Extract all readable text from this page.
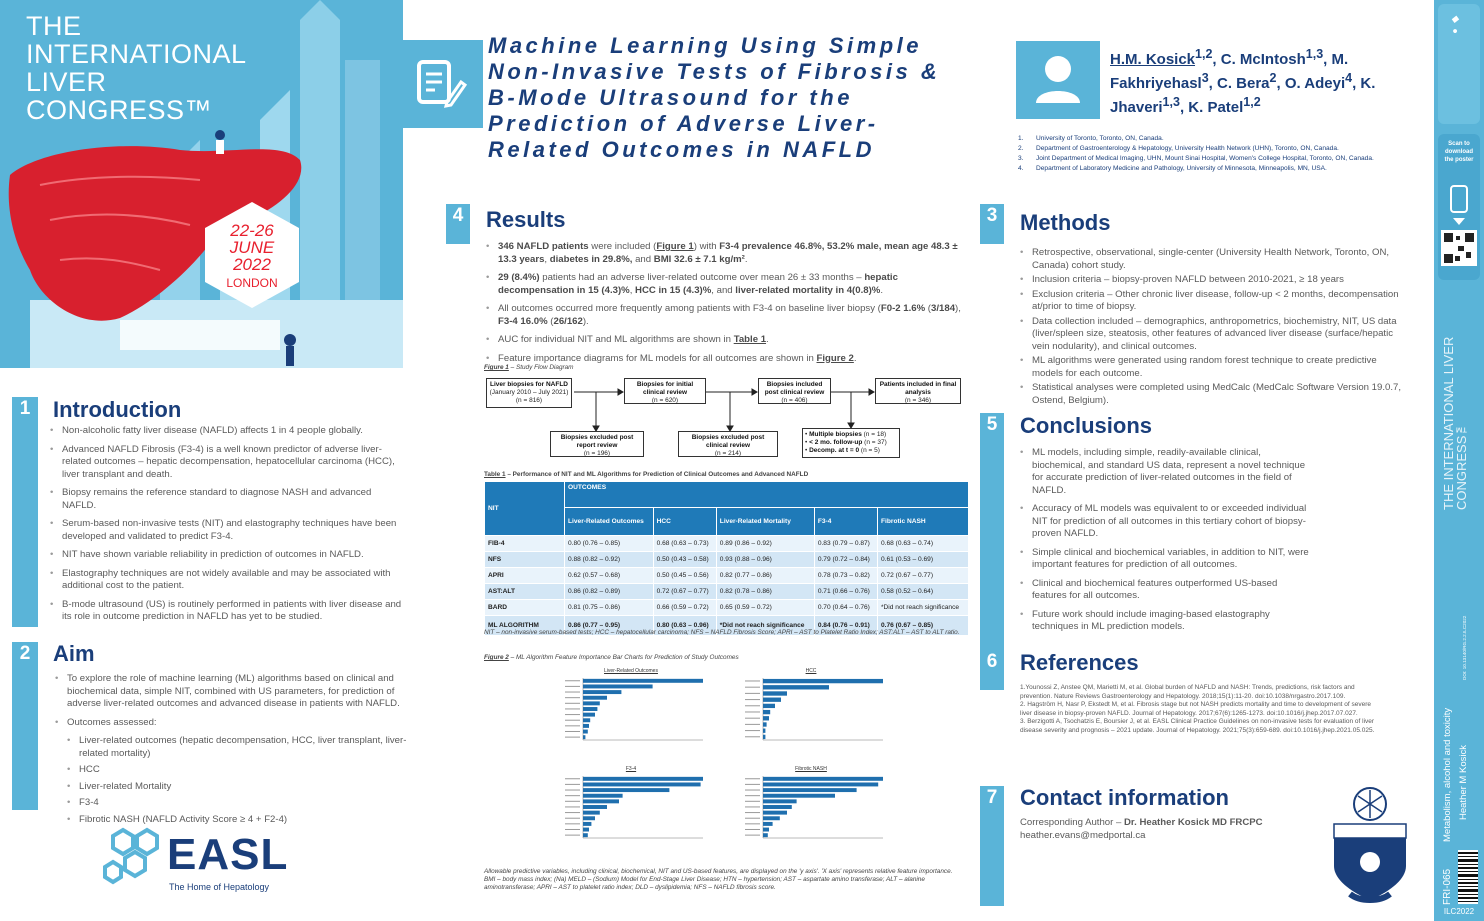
THE
INTERNATIONAL
LIVER
CONGRESS™
22-26
JUNE
2022
LONDON
1	Introduction
• Non-alcoholic fatty liver disease (NAFLD) affects 1 in 4 people globally.
• Advanced NAFLD Fibrosis (F3-4) is a well known predictor of adverse liver-related outcomes – hepatic decompensation, hepatocellular carcinoma (HCC), liver transplant and death.
• Biopsy remains the reference standard to diagnose NASH and advanced NAFLD.
• Serum-based non-invasive tests (NIT) and elastography techniques have been developed and validated to predict F3-4.
• NIT have shown variable reliability in prediction of outcomes in NAFLD.
• Elastography techniques are not widely available and may be associated with additional cost to the patient.
• B-mode ultrasound (US) is routinely performed in patients with liver disease and its role in outcome prediction in NAFLD has yet to be studied.
2	Aim
• To explore the role of machine learning (ML) algorithms based on clinical and biochemical data, simple NIT, combined with US parameters, for prediction of adverse liver-related outcomes and advanced disease in patients with NAFLD.
• Outcomes assessed:
• Liver-related outcomes (hepatic decompensation, HCC, liver transplant, liver-related mortality)
• HCC
• Liver-related Mortality
• F3-4
• Fibrotic NASH (NAFLD Activity Score ≥ 4 + F2-4)
EASL
The Home of Hepatology
Machine Learning Using Simple
Non-Invasive Tests of Fibrosis &
B-Mode Ultrasound for the
Prediction of Adverse Liver-
Related Outcomes in NAFLD
4	Results
• 346 NAFLD patients were included (Figure 1) with F3-4 prevalence 46.8%, 53.2% male, mean age 48.3 ± 13.3 years, diabetes in 29.8%, and BMI 32.6 ± 7.1 kg/m².
• 29 (8.4%) patients had an adverse liver-related outcome over mean 26 ± 33 months – hepatic decompensation in 15 (4.3)%, HCC in 15 (4.3)%, and liver-related mortality in 4(0.8)%.
• All outcomes occurred more frequently among patients with F3-4 on baseline liver biopsy (F0-2 1.6% (3/184), F3-4 16.0% (26/162).
• AUC for individual NIT and ML algorithms are shown in Table 1.
• Feature importance diagrams for ML models for all outcomes are shown in Figure 2.
Figure 1 – Study Flow Diagram
Liver biopsies for NAFLD
(January 2010 – July 2021)
(n = 816)
Biopsies for initial clinical review
(n = 620)
Biopsies included post clinical review
(n = 406)
Patients included in final analysis
(n = 346)
Biopsies excluded post report review
(n = 196)
Biopsies excluded post clinical review
(n = 214)
• Multiple biopsies (n = 18)
• < 2 mo. follow-up (n = 37)
• Decomp. at t = 0 (n = 5)
Table 1 – Performance of NIT and ML Algorithms for Prediction of Clinical Outcomes and Advanced NAFLD
NIT	OUTCOMES				
	Liver-Related Outcomes	HCC	Liver-Related Mortality	F3-4	Fibrotic NASH
FIB-4	0.80 (0.76 – 0.85)	0.68 (0.63 – 0.73)	0.89 (0.86 – 0.92)	0.83 (0.79 – 0.87)	0.68 (0.63 – 0.74)
NFS	0.88 (0.82 – 0.92)	0.50 (0.43 – 0.58)	0.93 (0.88 – 0.96)	0.79 (0.72 – 0.84)	0.61 (0.53 – 0.69)
APRI	0.62 (0.57 – 0.68)	0.50 (0.45 – 0.56)	0.82 (0.77 – 0.86)	0.78 (0.73 – 0.82)	0.72 (0.67 – 0.77)
AST:ALT	0.86 (0.82 – 0.89)	0.72 (0.67 – 0.77)	0.82 (0.78 – 0.86)	0.71 (0.66 – 0.76)	0.58 (0.52 – 0.64)
BARD	0.81 (0.75 – 0.86)	0.66 (0.59 – 0.72)	0.65 (0.59 – 0.72)	0.70 (0.64 – 0.76)	*Did not reach significance
ML ALGORITHM	0.86 (0.77 – 0.95)	0.80 (0.63 – 0.96)	*Did not reach significance	0.84 (0.76 – 0.91)	0.76 (0.67 – 0.85)
NIT – non-invasive serum-based tests; HCC – hepatocellular carcinoma; NFS – NAFLD Fibrosis Score; APRI – AST to Platelet Ratio Index; AST:ALT – AST to ALT ratio.
Figure 2 – ML Algorithm Feature Importance Bar Charts for Prediction of Study Outcomes
Liver-Related Outcomes	HCC
F3-4	Fibrotic NASH
Allowable predictive variables, including clinical, biochemical, NIT and US-based features, are displayed on the 'y axis'. 'X axis' represents relative feature importance. BMI – body mass index; (Na) MELD – (Sodium) Model for End-Stage Liver Disease; HTN – hypertension; AST – aspartate amino transferase; ALT – alanine aminotransferase; APRI – AST to platelet ratio index; DLD – dyslipidemia; NFS – NAFLD fibrosis score.
H.M. Kosick$^{1,2}$, C. McIntosh$^{1,3}$, M.
Fakhriyehasl$^3$, C. Bera$^2$, O. Adeyi$^4$, K.
Jhaveri$^{1,3}$, K. Patel$^{1,2}$
1. University of Toronto, Toronto, ON, Canada.
2. Department of Gastroenterology & Hepatology, University Health Network (UHN), Toronto, ON, Canada.
3. Joint Department of Medical Imaging, UHN, Mount Sinai Hospital, Women's College Hospital, Toronto, ON, Canada.
4. Department of Laboratory Medicine and Pathology, University of Minnesota, Minneapolis, MN, USA.
3	Methods
• Retrospective, observational, single-center (University Health Network, Toronto, ON, Canada) cohort study.
• Inclusion criteria – biopsy-proven NAFLD between 2010-2021, ≥ 18 years
• Exclusion criteria – Other chronic liver disease, follow-up < 2 months, decompensation at/prior to time of biopsy.
• Data collection included – demographics, anthropometrics, biochemistry, NIT, US data (liver/spleen size, steatosis, other features of advanced liver disease (surface/hepatic vein nodularity), and clinical outcomes.
• ML algorithms were generated using random forest technique to create predictive models for each outcome.
• Statistical analyses were completed using MedCalc (MedCalc Software Version 19.0.7, Ostend, Belgium).
5	Conclusions
• ML models, including simple, readily-available clinical, biochemical, and standard US data, represent a novel technique for accurate prediction of liver-related outcomes in the field of NAFLD.
• Accuracy of ML models was equivalent to or exceeded individual NIT for prediction of all outcomes in this tertiary cohort of biopsy-proven NAFLD.
• Simple clinical and biochemical variables, in addition to NIT, were important features for prediction of all outcomes.
• Clinical and biochemical features outperformed US-based features for all outcomes.
• Future work should include imaging-based elastography techniques in ML prediction models.
6	References
1.Younossi Z, Anstee QM, Marietti M, et al. Global burden of NAFLD and NASH: Trends, predictions, risk factors and prevention. Nature Reviews Gastroenterology and Hepatology. 2018;15(1):11-20. doi:10.1038/nrgastro.2017.109.
2. Hagström H, Nasr P, Ekstedt M, et al. Fibrosis stage but not NASH predicts mortality and time to development of severe liver disease in biopsy-proven NAFLD. Journal of Hepatology. 2017;67(6):1265-1273. doi:10.1016/j.jhep.2017.07.027.
3. Berzigotti A, Tsochatzis E, Boursier J, et al. EASL Clinical Practice Guidelines on non-invasive tests for evaluation of liver disease severity and prognosis – 2021 update. Journal of Hepatology. 2021;75(3):659-689. doi:10.1016/j.jhep.2021.05.025.
7	Contact information
Corresponding Author – Dr. Heather Kosick MD FRCPC
heather.evans@medportal.ca
● ◆
Scan to download the poster
THE INTERNATIONAL LIVER CONGRESS™
DOI: 10.13140/RG.2.2.ILC2022
Metabolism, alcohol and toxicity Heather M Kosick
FRI-065
ILC2022
